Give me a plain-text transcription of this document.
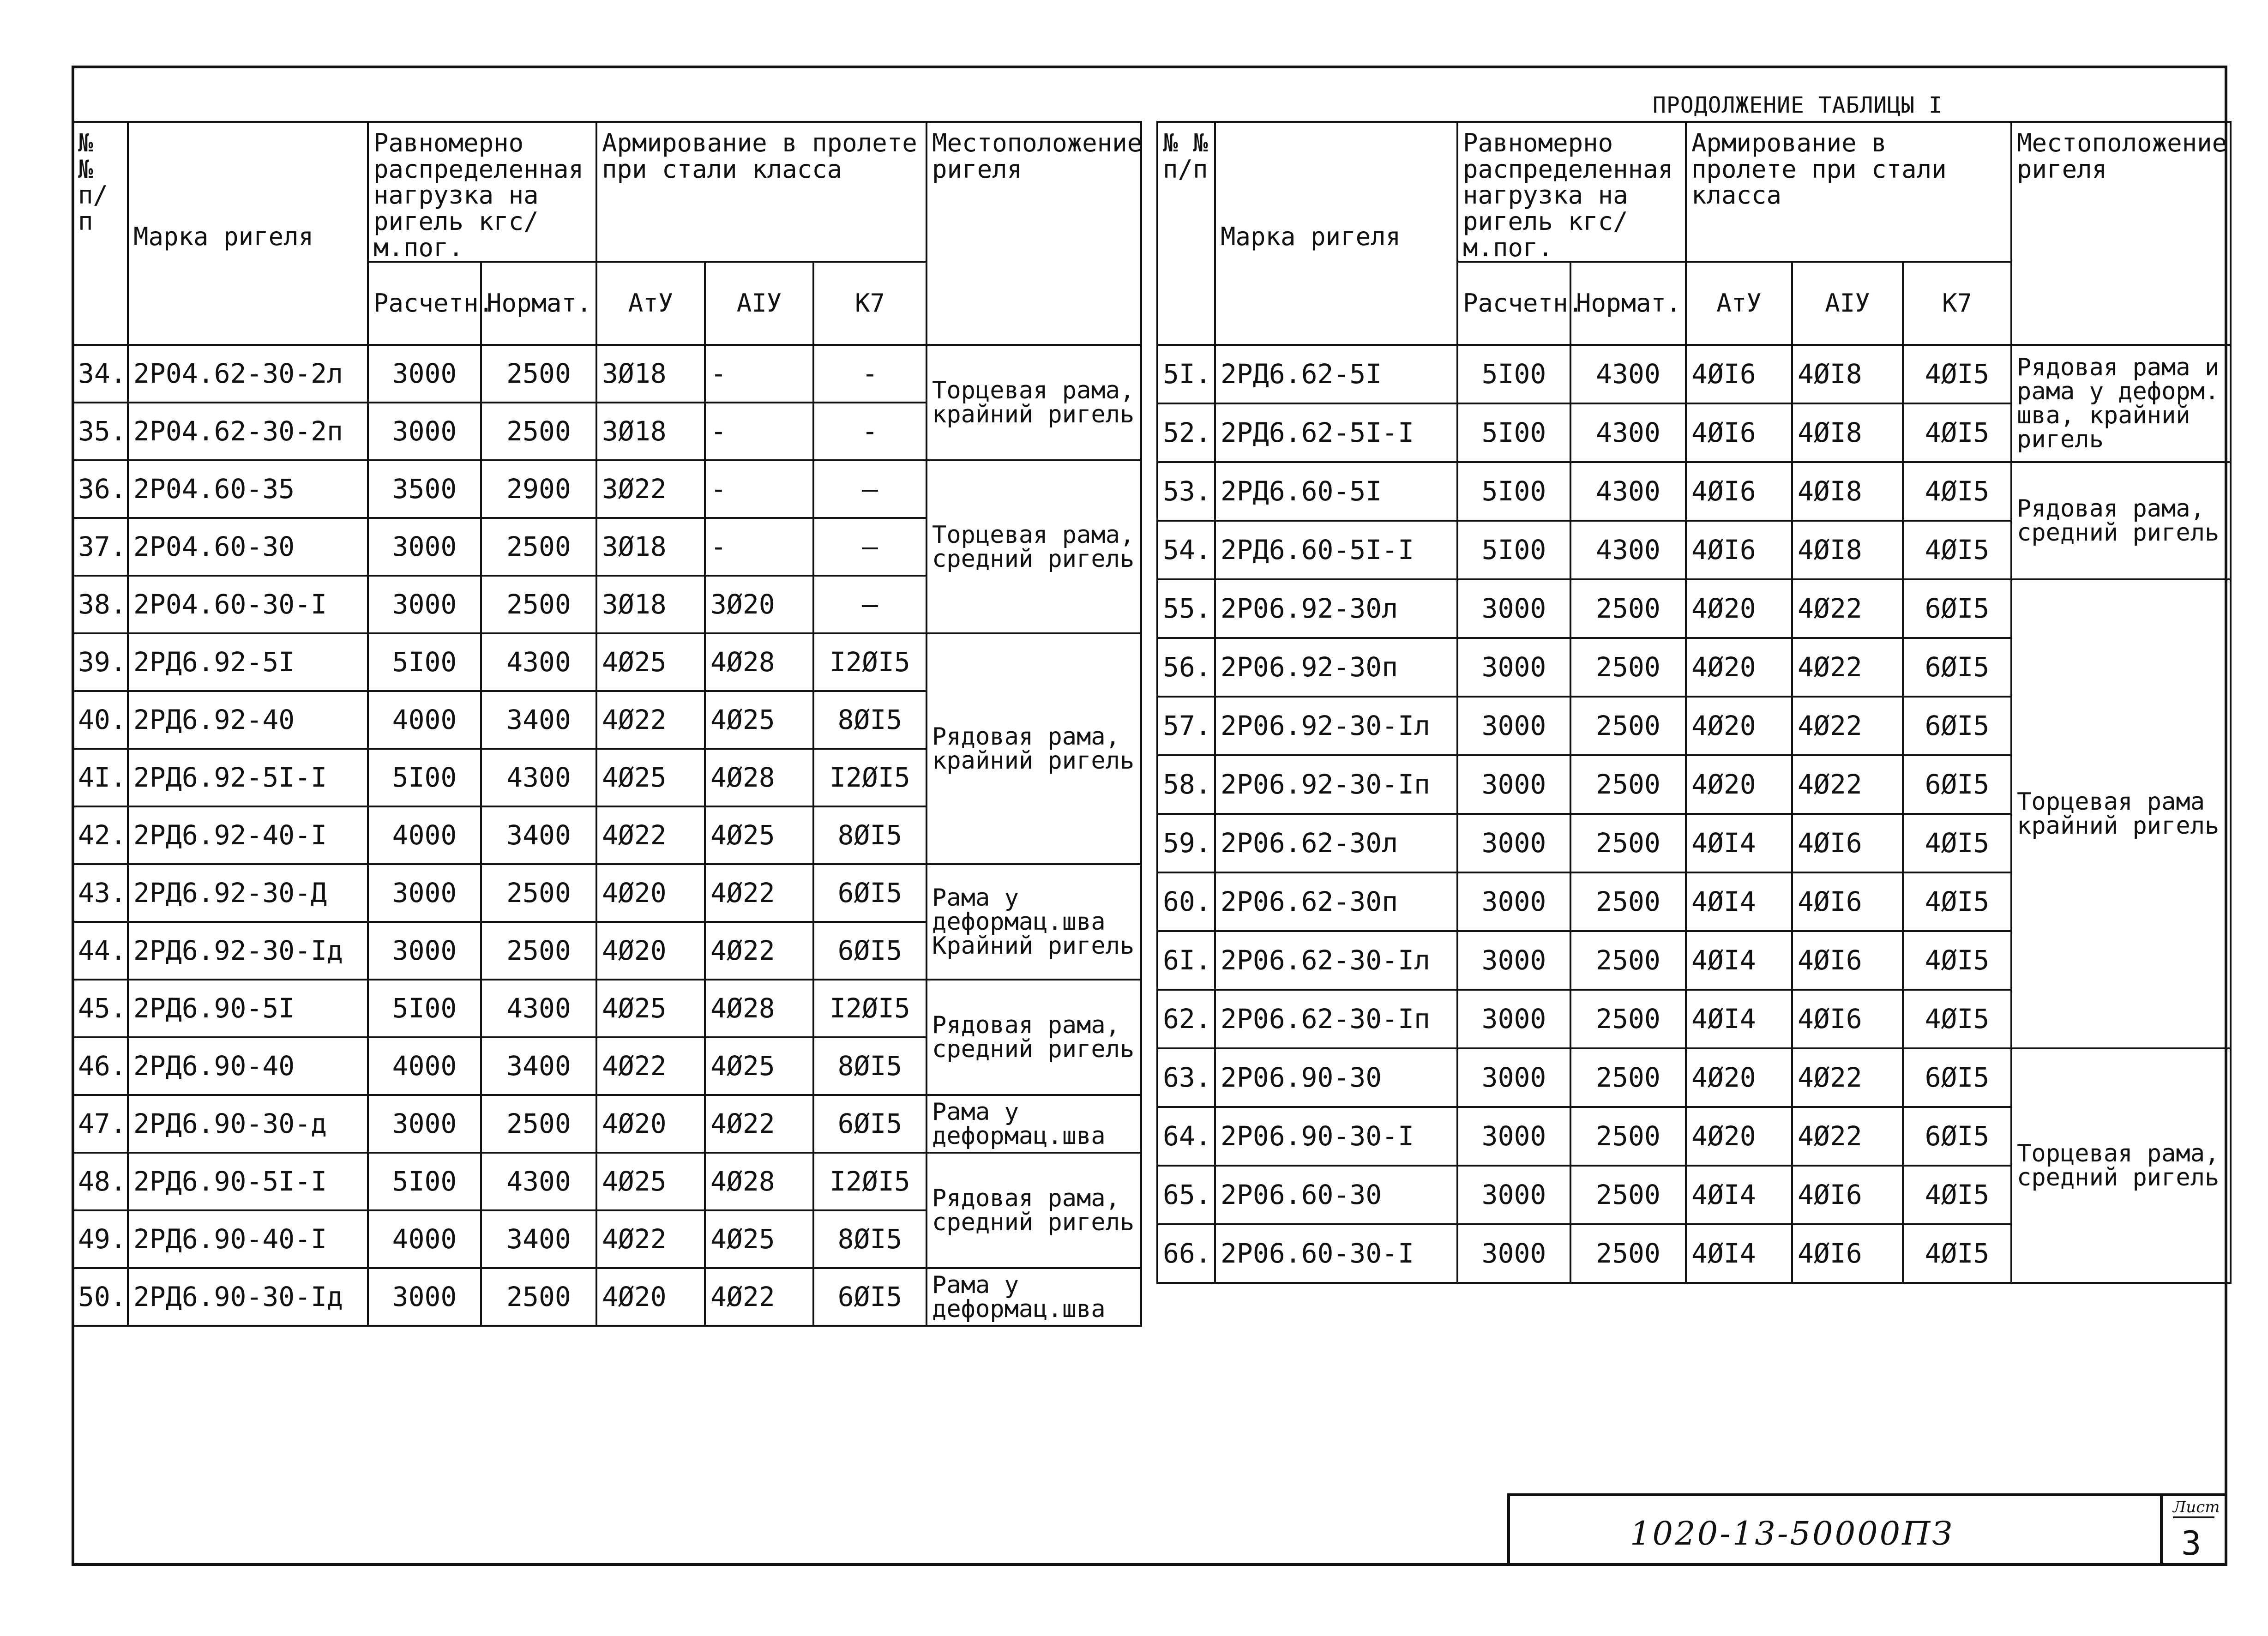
ПРОДОЛЖЕНИЕ ТАБЛИЦЫ I
№ № п/п	Марка ригеля	Равномерно распределенная нагрузка на ригель кгс/м.пог.		Армирование в пролете при стали класса			Местоположение ригеля
		Расчетн.	Нормат.	АтУ	АIУ	К7	
34.	2Р04.62-30-2л	3000	2500	3Ø18	-	-	Торцевая рама, крайний ригель
35.	2Р04.62-30-2п	3000	2500	3Ø18	-	-	
36.	2Р04.60-35	3500	2900	3Ø22	-	—	Торцевая рама, средний ригель
37.	2Р04.60-30	3000	2500	3Ø18	-	—	
38.	2Р04.60-30-I	3000	2500	3Ø18	3Ø20	—	
39.	2РД6.92-5I	5I00	4300	4Ø25	4Ø28	I2ØI5	Рядовая рама, крайний ригель
40.	2РД6.92-40	4000	3400	4Ø22	4Ø25	8ØI5	
4I.	2РД6.92-5I-I	5I00	4300	4Ø25	4Ø28	I2ØI5	
42.	2РД6.92-40-I	4000	3400	4Ø22	4Ø25	8ØI5	
43.	2РД6.92-30-Д	3000	2500	4Ø20	4Ø22	6ØI5	Рама у деформац.шва Крайний ригель
44.	2РД6.92-30-Iд	3000	2500	4Ø20	4Ø22	6ØI5	
45.	2РД6.90-5I	5I00	4300	4Ø25	4Ø28	I2ØI5	Рядовая рама, средний ригель
46.	2РД6.90-40	4000	3400	4Ø22	4Ø25	8ØI5	
47.	2РД6.90-30-д	3000	2500	4Ø20	4Ø22	6ØI5	Рама у деформац.шва
48.	2РД6.90-5I-I	5I00	4300	4Ø25	4Ø28	I2ØI5	Рядовая рама, средний ригель
49.	2РД6.90-40-I	4000	3400	4Ø22	4Ø25	8ØI5	
50.	2РД6.90-30-Iд	3000	2500	4Ø20	4Ø22	6ØI5	Рама у деформац.шва
№ № п/п	Марка ригеля	Равномерно распределенная нагрузка на ригель кгс/м.пог.		Армирование в пролете при стали класса			Местоположение ригеля
		Расчетн.	Нормат.	АтУ	АIУ	К7	
5I.	2РД6.62-5I	5I00	4300	4ØI6	4ØI8	4ØI5	Рядовая рама и рама у деформ. шва, крайний ригель
52.	2РД6.62-5I-I	5I00	4300	4ØI6	4ØI8	4ØI5	
53.	2РД6.60-5I	5I00	4300	4ØI6	4ØI8	4ØI5	Рядовая рама, средний ригель
54.	2РД6.60-5I-I	5I00	4300	4ØI6	4ØI8	4ØI5	
55.	2Р06.92-30л	3000	2500	4Ø20	4Ø22	6ØI5	Торцевая рама крайний ригель
56.	2Р06.92-30п	3000	2500	4Ø20	4Ø22	6ØI5	
57.	2Р06.92-30-Iл	3000	2500	4Ø20	4Ø22	6ØI5	
58.	2Р06.92-30-Iп	3000	2500	4Ø20	4Ø22	6ØI5	
59.	2Р06.62-30л	3000	2500	4ØI4	4ØI6	4ØI5	
60.	2Р06.62-30п	3000	2500	4ØI4	4ØI6	4ØI5	
6I.	2Р06.62-30-Iл	3000	2500	4ØI4	4ØI6	4ØI5	
62.	2Р06.62-30-Iп	3000	2500	4ØI4	4ØI6	4ØI5	
63.	2Р06.90-30	3000	2500	4Ø20	4Ø22	6ØI5	Торцевая рама, средний ригель
64.	2Р06.90-30-I	3000	2500	4Ø20	4Ø22	6ØI5	
65.	2Р06.60-30	3000	2500	4ØI4	4ØI6	4ØI5	
66.	2Р06.60-30-I	3000	2500	4ØI4	4ØI6	4ØI5	
1020-13-50000ПЗ
Лист
3
